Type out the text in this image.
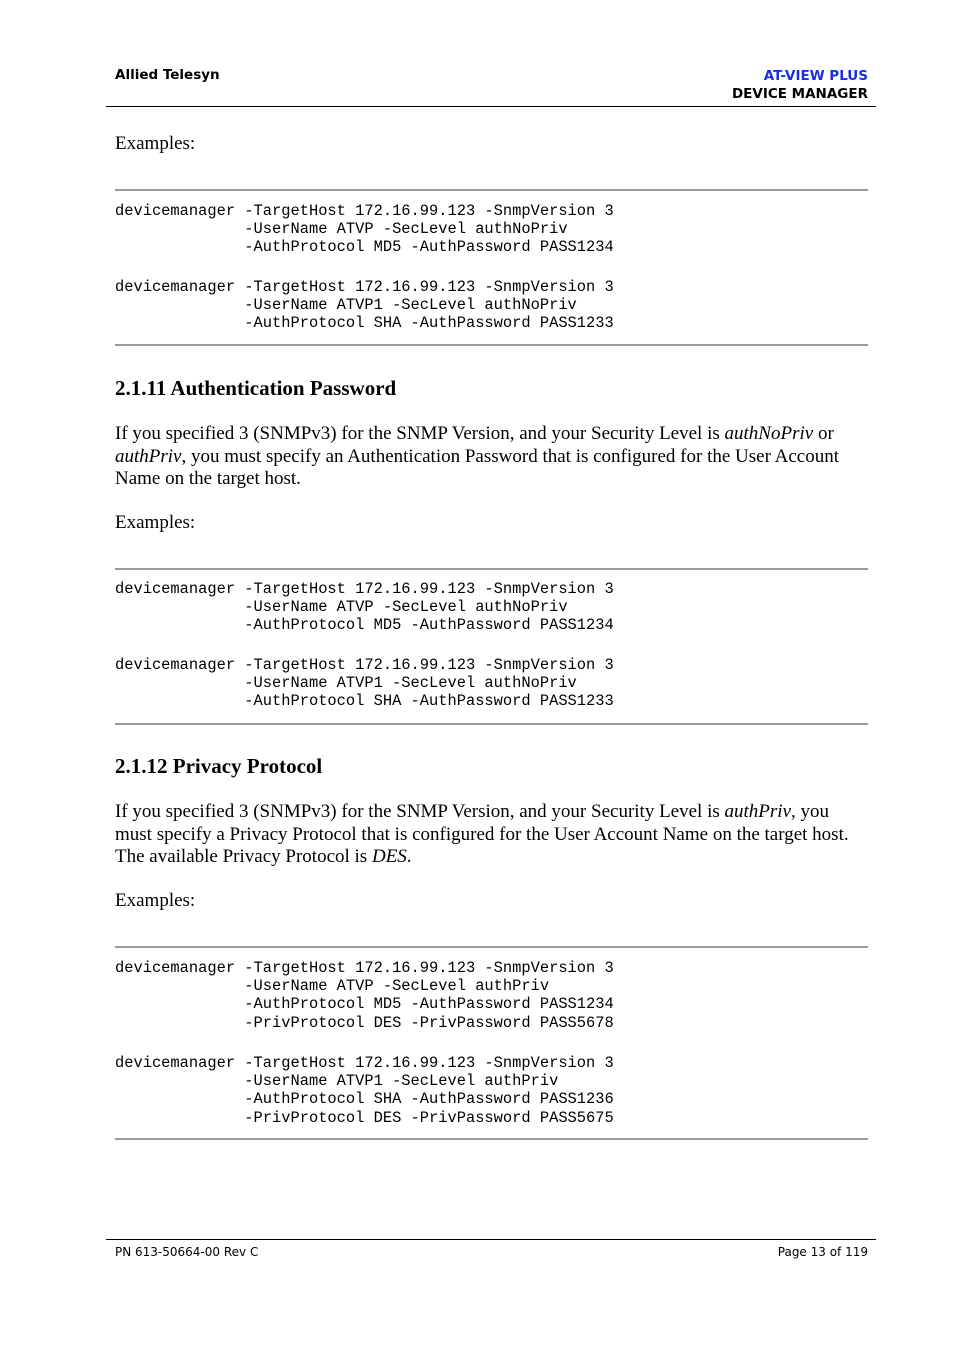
Allied Telesyn	AT-VIEW PLUS
DEVICE MANAGER
Examples:
devicemanager -TargetHost 172.16.99.123 -SnmpVersion 3
-UserName ATVP -SecLevel authNoPriv
-AuthProtocol MD5 -AuthPassword PASS1234
devicemanager -TargetHost 172.16.99.123 -SnmpVersion 3
-UserName ATVP1 -SecLevel authNoPriv
-AuthProtocol SHA -AuthPassword PASS1233
2.1.11 Authentication Password

If you specified 3 (SNMPv3) for the SNMP Version, and your Security Level is authNoPriv or authPriv, you must specify an Authentication Password that is configured for the User Account Name on the target host.

Examples:
devicemanager -TargetHost 172.16.99.123 -SnmpVersion 3
-UserName ATVP -SecLevel authNoPriv
-AuthProtocol MD5 -AuthPassword PASS1234
devicemanager -TargetHost 172.16.99.123 -SnmpVersion 3
-UserName ATVP1 -SecLevel authNoPriv
-AuthProtocol SHA -AuthPassword PASS1233
2.1.12 Privacy Protocol

If you specified 3 (SNMPv3) for the SNMP Version, and your Security Level is authPriv, you must specify a Privacy Protocol that is configured for the User Account Name on the target host. The available Privacy Protocol is DES.

Examples:
devicemanager -TargetHost 172.16.99.123 -SnmpVersion 3
-UserName ATVP -SecLevel authPriv
-AuthProtocol MD5 -AuthPassword PASS1234
-PrivProtocol DES -PrivPassword PASS5678
devicemanager -TargetHost 172.16.99.123 -SnmpVersion 3
-UserName ATVP1 -SecLevel authPriv
-AuthProtocol SHA -AuthPassword PASS1236
-PrivProtocol DES -PrivPassword PASS5675
PN 613-50664-00 Rev C	Page 13 of 119
